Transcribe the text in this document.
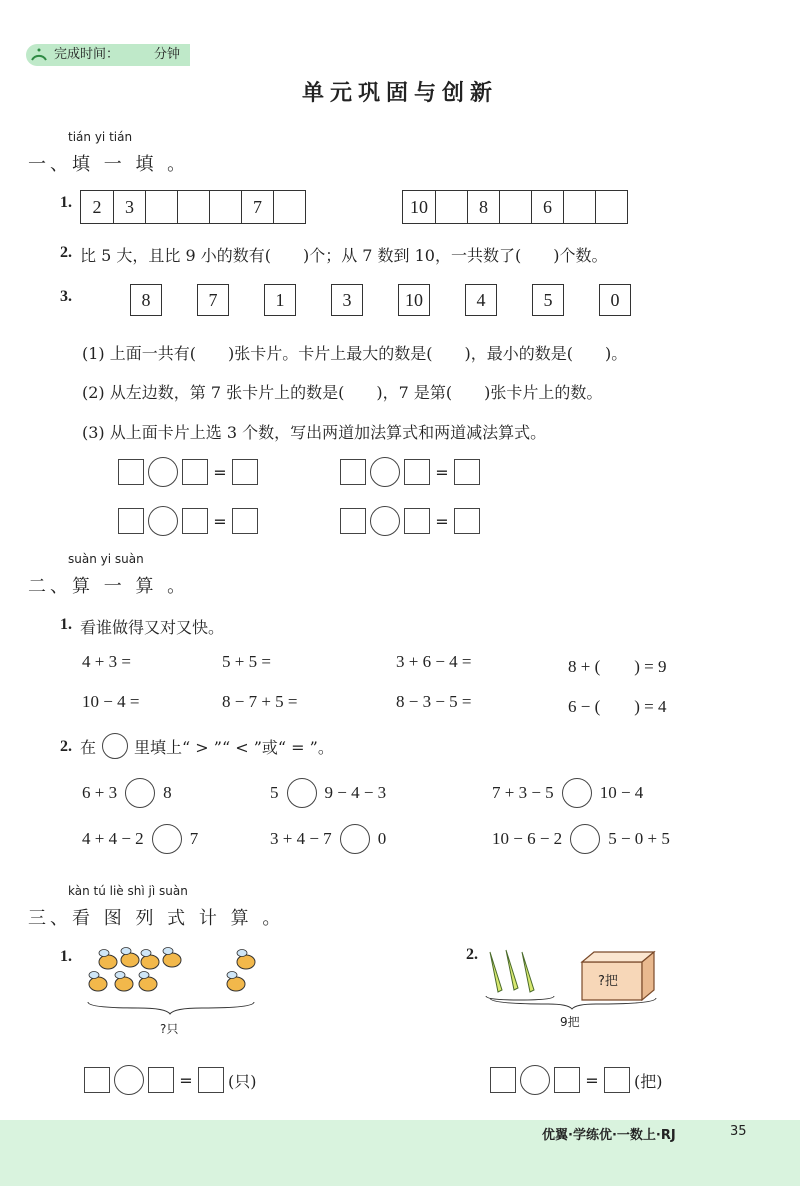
完成时间：	分钟
单元巩固与创新
tián yi tián
一、填 一 填 。
1.	2	3	7	10	8	6
2. 比 5 大，且比 9 小的数有(　　)个；从 7 数到 10，一共数了(　　)个数。
3.	8	7	1	3	10	4	5	0
(1) 上面一共有(　　)张卡片。卡片上最大的数是(　　)，最小的数是(　　)。
(2) 从左边数，第 7 张卡片上的数是(　　)，7 是第(　　)张卡片上的数。
(3) 从上面卡片上选 3 个数，写出两道加法算式和两道减法算式。
=	=
=	=
suàn yi suàn
二、算 一 算 。
1. 看谁做得又对又快。
4 + 3 =	5 + 5 =	3 + 6 − 4 =	8 + (　　) = 9
10 − 4 =	8 − 7 + 5 =	8 − 3 − 5 =	6 − (　　) = 4
2. 在 里填上“ > ”“ < ”或“ = ”。
6 + 3	8	5	9 − 4 − 3	7 + 3 − 5	10 − 4
4 + 4 − 2	7	3 + 4 − 7	0	10 − 6 − 2	5 − 0 + 5
kàn tú liè shì jì suàn
三、看 图 列 式 计 算 。
1.
?只
= (只)
2.
?把
9把
= (把)
优翼·学练优·一数上·RJ	35
